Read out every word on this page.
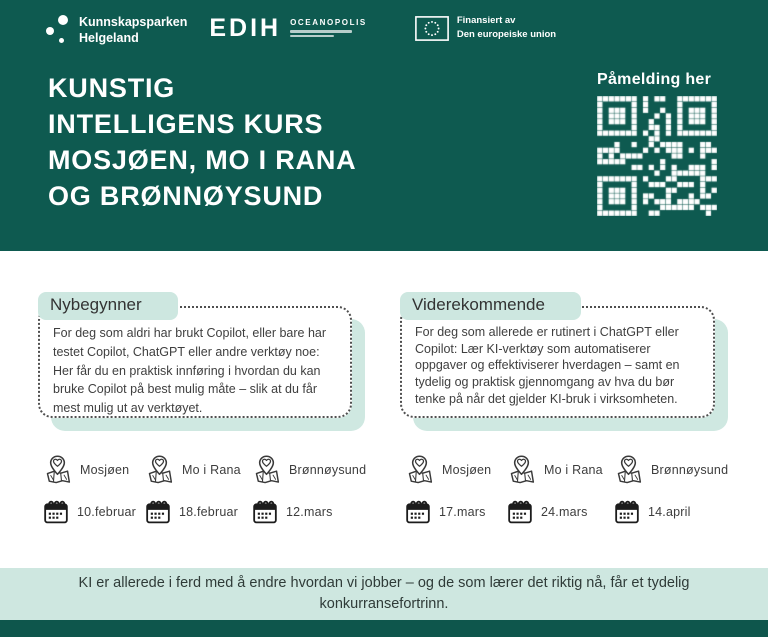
Kunnskapsparken
Helgeland	EDIH OCEANOPOLIS	Finansiert av
Den europeiske union
KUNSTIG
INTELLIGENS KURS
MOSJØEN, MO I RANA
OG BRØNNØYSUND
Påmelding her
Nybegynner

For deg som aldri har brukt Copilot, eller bare har testet Copilot, ChatGPT eller andre verktøy noe: Her får du en praktisk innføring i hvordan du kan bruke Copilot på best mulig måte – slik at du får mest mulig ut av verktøyet.

Mosjøen	Mo i Rana	Brønnøysund
10.februar	18.februar	12.mars
Viderekommende

For deg som allerede er rutinert i ChatGPT eller Copilot: Lær KI-verktøy som automatiserer oppgaver og effektiviserer hverdagen – samt en tydelig og praktisk gjennomgang av hva du bør tenke på når det gjelder KI-bruk i virksomheten.

Mosjøen	Mo i Rana	Brønnøysund
17.mars	24.mars	14.april

KI er allerede i ferd med å endre hvordan vi jobber – og de som lærer det riktig nå, får et tydelig konkurransefortrinn.
